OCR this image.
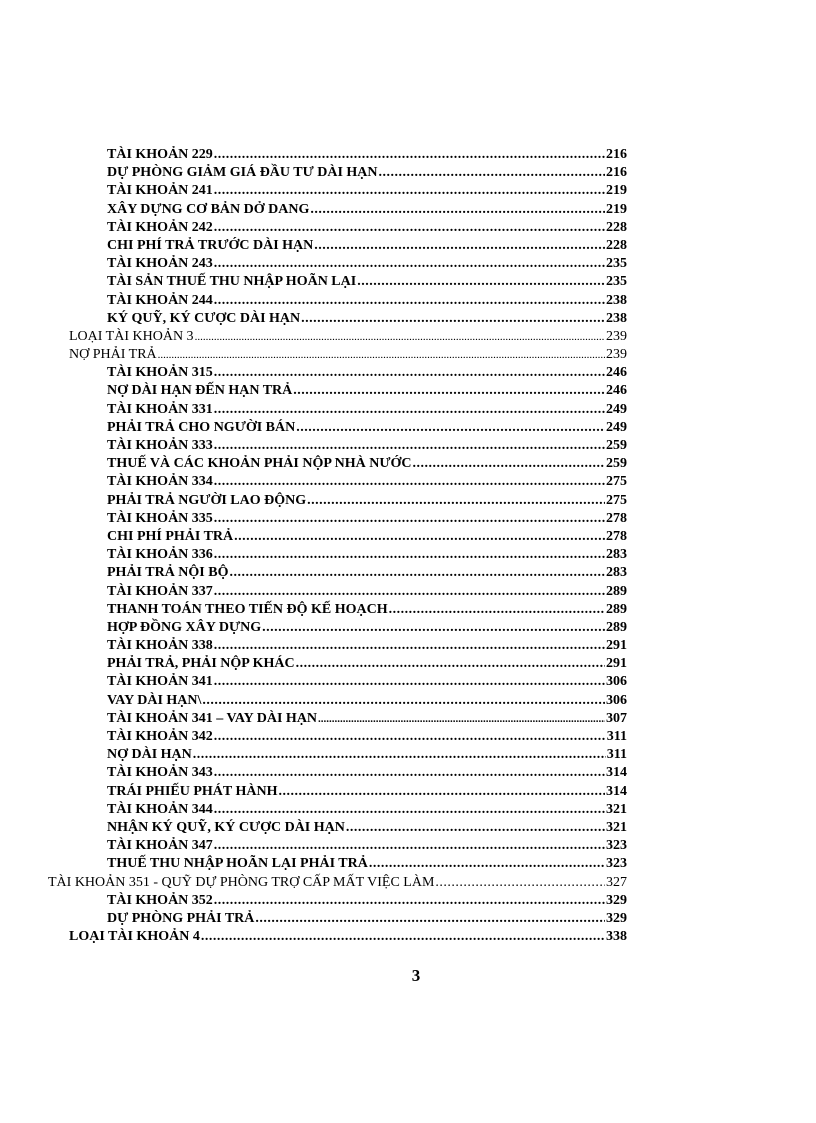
TÀI KHOẢN 229 .....	216
DỰ PHÒNG GIẢM GIÁ ĐẦU TƯ DÀI HẠN .....	216
TÀI KHOẢN 241 .....	219
XÂY DỰNG CƠ BẢN DỞ DANG .....	219
TÀI KHOẢN 242 .....	228
CHI PHÍ TRẢ TRƯỚC DÀI HẠN .....	228
TÀI KHOẢN 243 .....	235
TÀI SẢN THUẾ THU NHẬP HOÃN LẠI .....	235
TÀI KHOẢN 244 .....	238
KÝ QUỸ, KÝ CƯỢC DÀI HẠN .....	238
LOẠI TÀI KHOẢN 3 .....	239
NỢ PHẢI TRẢ .....	239
TÀI KHOẢN 315 .....	246
NỢ DÀI HẠN ĐẾN HẠN TRẢ .....	246
TÀI KHOẢN 331 .....	249
PHẢI TRẢ CHO NGƯỜI BÁN .....	249
TÀI KHOẢN 333 .....	259
THUẾ VÀ CÁC KHOẢN PHẢI NỘP NHÀ NƯỚC .....	259
TÀI KHOẢN 334 .....	275
PHẢI TRẢ NGƯỜI LAO ĐỘNG .....	275
TÀI KHOẢN 335 .....	278
CHI PHÍ PHẢI TRẢ .....	278
TÀI KHOẢN 336 .....	283
PHẢI TRẢ NỘI BỘ .....	283
TÀI KHOẢN 337 .....	289
THANH TOÁN THEO TIẾN ĐỘ KẾ HOẠCH .....	289
HỢP ĐỒNG XÂY DỰNG .....	289
TÀI KHOẢN 338 .....	291
PHẢI TRẢ, PHẢI NỘP KHÁC .....	291
TÀI KHOẢN 341 .....	306
VAY DÀI HẠN\ .....	306
TÀI KHOẢN 341 – VAY DÀI HẠN .....	307
TÀI KHOẢN 342 .....	311
NỢ DÀI HẠN .....	311
TÀI KHOẢN 343 .....	314
TRÁI PHIẾU PHÁT HÀNH .....	314
TÀI KHOẢN 344 .....	321
NHẬN KÝ QUỸ, KÝ CƯỢC DÀI HẠN .....	321
TÀI KHOẢN 347 .....	323
THUẾ THU NHẬP HOÃN LẠI PHẢI TRẢ .....	323
TÀI KHOẢN 351 - QUỸ DỰ PHÒNG TRỢ CẤP MẤT VIỆC LÀM .....	327
TÀI KHOẢN 352 .....	329
DỰ PHÒNG PHẢI TRẢ .....	329
LOẠI TÀI KHOẢN 4 .....	338
3
